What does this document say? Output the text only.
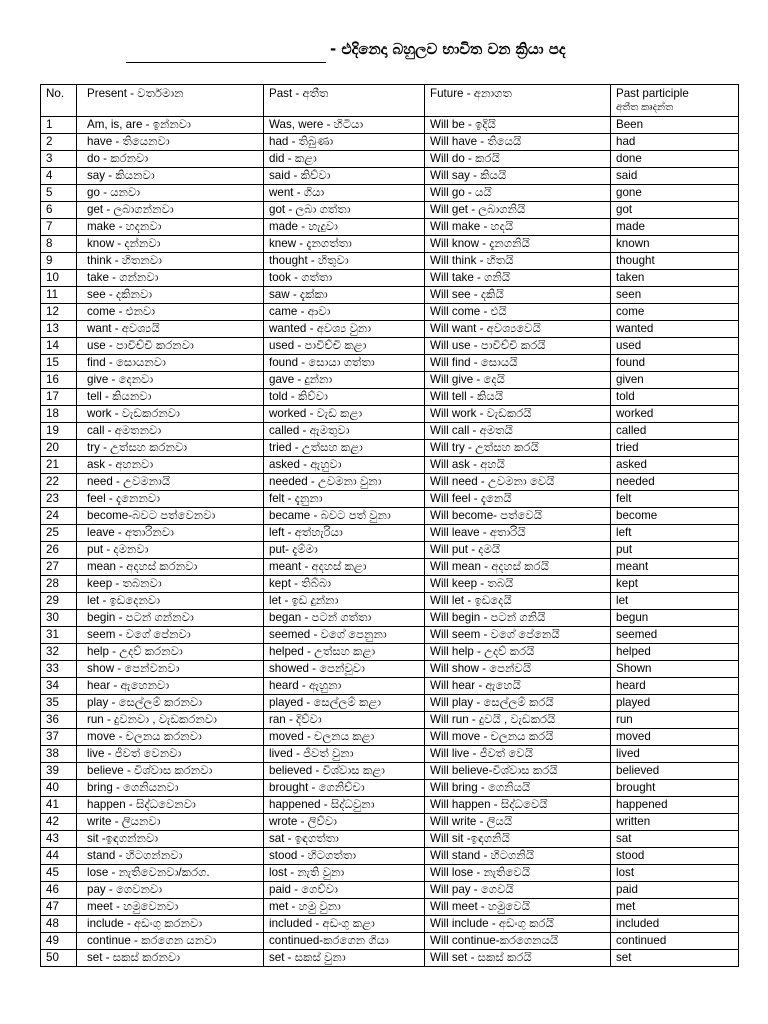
- එදිනෙදා බහුලව භාවිත වන ක්‍රියා පද
No.	Present - වර්තමාන	Past - අතීත	Future - අනාගත	Past participle
අතීත කෘදන්ත

1	Am, is, are - ඉන්නවා	Was, were - හිටියා	Will be - ඉදියි	Been
2	have - තියෙනවා	had - තිබුණා	Will have - තියෙයි	had
3	do - කරනවා	did - කළා	Will do - කරයි	done
4	say - කියනවා	said - කිව්වා	Will say - කියයි	said
5	go - යනවා	went - ගියා	Will go - යයි	gone
6	get - ලබාගන්නවා	got - ලබා ගත්තා	Will get - ලබාගනියි	got
7	make - හදනවා	made - හැදුවා	Will make - හදයි	made
8	know - දන්නවා	knew - දැනගත්තා	Will know - දැනගනියි	known
9	think - හිතනවා	thought - හිතුවා	Will think - හිතයි	thought
10	take - ගන්නවා	took - ගත්තා	Will take - ගනියි	taken
11	see - දකිනවා	saw - දැක්කා	Will see - දකියි	seen
12	come - එනවා	came - ආවා	Will come - එයි	come
13	want - අවශ්‍යයි	wanted - අවශ්‍ය වුනා	Will want - අවශ්‍යවෙයි	wanted
14	use - පාවිච්චි කරනවා	used - පාවිච්චි කළා	Will use - පාවිච්චි කරයි	used
15	find - සොයනවා	found - සොයා ගත්තා	Will find - සොයයි	found
16	give - දෙනවා	gave - දුන්නා	Will give - දෙයි	given
17	tell - කියනවා	told - කිව්වා	Will tell - කියයි	told
18	work - වැඩකරනවා	worked - වැඩ කළා	Will work - වැඩකරයි	worked
19	call - අමතනවා	called - ඇමතුවා	Will call - අමතයි	called
20	try - උත්සහ කරනවා	tried - උත්සහ කළා	Will try - උත්සහ කරයි	tried
21	ask - අහනවා	asked - ඇහුවා	Will ask - අහයි	asked
22	need - උවමනායි	needed - උවමනා වුනා	Will need - උවමනා වෙයි	needed
23	feel - දැනෙනවා	felt - දැනුනා	Will feel - දැනෙයි	felt
24	become-බවට පත්වෙනවා	became - බවට පත් වුනා	Will become- පත්වෙයි	become
25	leave - අතාරිනවා	left - අත්හැරියා	Will leave - අතාරියි	left
26	put - දමනවා	put- දැම්මා	Will put - දමයි	put
27	mean - අදහස් කරනවා	meant - අදහස් කළා	Will mean - අදහස් කරයි	meant
28	keep - තබනවා	kept - තිබ්බා	Will keep - තබයි	kept
29	let - ඉඩදෙනවා	let - ඉඩ දුන්නා	Will let - ඉඩදෙයි	let
30	begin - පටන් ගන්නවා	began - පටන් ගත්තා	Will begin - පටන් ගනියි	begun
31	seem - වගේ පේනවා	seemed - වගේ පෙනුනා	Will seem - වගේ පේනෙයි	seemed
32	help - උදව් කරනවා	helped - උත්සහ කළා	Will help - උදව් කරයි	helped
33	show - පෙන්වනවා	showed - පෙන්වූවා	Will show - පෙන්වයි	Shown
34	hear - ඇහෙනවා	heard - ඇහුනා	Will hear - ඇහෙයි	heard
35	play - සෙල්ලම් කරනවා	played - සෙල්ලම් කළා	Will play - සෙල්ලම් කරයි	played
36	run - දුවනවා , වැඩකරනවා	ran - දිව්වා	Will run - දුවයි , වැඩකරයි	run
37	move - චලනය කරනවා	moved - චලනය කළා	Will move - චලනය කරයි	moved
38	live - ජීවත් වෙනවා	lived - ජීවත් වුනා	Will live - ජීවත් වෙයි	lived
39	believe - විශ්වාස කරනවා	believed - විශ්වාස කළා	Will believe-විශ්වාස කරයි	believed
40	bring - ගෙනියනවා	brought - ගෙනිච්චා	Will bring - ගෙනියයි	brought
41	happen - සිද්ධවෙනවා	happened - සිද්ධවුනා	Will happen - සිද්ධවෙයි	happened
42	write - ලියනවා	wrote - ලිව්වා	Will write - ලියයි	written
43	sit -ඉඳගන්නවා	sat - ඉඳගත්තා	Will sit -ඉඳගනියි	sat
44	stand - හිටගන්නවා	stood - හිටගත්තා	Will stand - හිටගනියි	stood
45	lose - නැතිවෙනවා/කරග.	lost - නැති වුනා	Will lose - නැතිවෙයි	lost
46	pay - ගෙවනවා	paid - ගෙව්වා	Will pay - ගෙවයි	paid
47	meet - හමුවෙනවා	met - හමු වුනා	Will meet - හමුවෙයි	met
48	include - අඩංගු කරනවා	included - අඩංගු කළා	Will include - අඩංගු කරයි	included
49	continue - කරගෙන යනවා	continued-කරගෙන ගියා	Will continue-කරගෙනයයි	continued
50	set - සකස් කරනවා	set - සකස් වුනා	Will set - සකස් කරයි	set
